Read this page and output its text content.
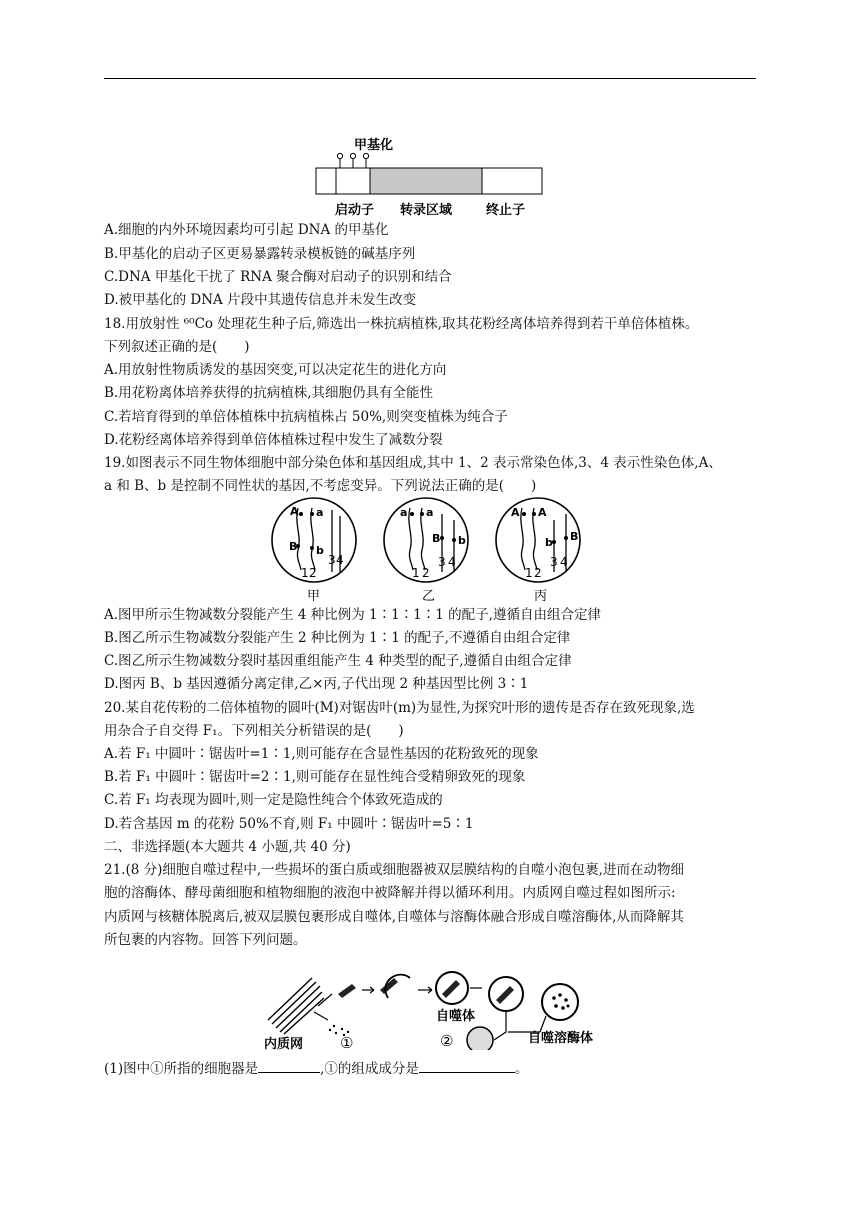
甲基化
启动子 转录区域	终止子
A.细胞的内外环境因素均可引起 DNA 的甲基化
B.甲基化的启动子区更易暴露转录模板链的碱基序列
C.DNA 甲基化干扰了 RNA 聚合酶对启动子的识别和结合
D.被甲基化的 DNA 片段中其遗传信息并未发生改变
18.用放射性 ⁶⁰Co 处理花生种子后,筛选出一株抗病植株,取其花粉经离体培养得到若干单倍体植株。
下列叙述正确的是(　　)
A.用放射性物质诱发的基因突变,可以决定花生的进化方向
B.用花粉离体培养获得的抗病植株,其细胞仍具有全能性
C.若培育得到的单倍体植株中抗病植株占 50%,则突变植株为纯合子
D.花粉经离体培养得到单倍体植株过程中发生了减数分裂
19.如图表示不同生物体细胞中部分染色体和基因组成,其中 1、2 表示常染色体,3、4 表示性染色体,A、
a 和 B、b 是控制不同性状的基因,不考虑变异。下列说法正确的是(　　)
A a
B b
1 2
3 4
甲
a a
B b
1 2
3 4
乙
A A
b B
1 2
3 4
丙
A.图甲所示生物减数分裂能产生 4 种比例为 1∶1∶1∶1 的配子,遵循自由组合定律
B.图乙所示生物减数分裂能产生 2 种比例为 1∶1 的配子,不遵循自由组合定律
C.图乙所示生物减数分裂时基因重组能产生 4 种类型的配子,遵循自由组合定律
D.图丙 B、b 基因遵循分离定律,乙×丙,子代出现 2 种基因型比例 3∶1
20.某自花传粉的二倍体植物的圆叶(M)对锯齿叶(m)为显性,为探究叶形的遗传是否存在致死现象,选
用杂合子自交得 F₁。下列相关分析错误的是(　　)
A.若 F₁ 中圆叶∶锯齿叶=1∶1,则可能存在含显性基因的花粉致死的现象
B.若 F₁ 中圆叶∶锯齿叶=2∶1,则可能存在显性纯合受精卵致死的现象
C.若 F₁ 均表现为圆叶,则一定是隐性纯合个体致死造成的
D.若含基因 m 的花粉 50%不育,则 F₁ 中圆叶∶锯齿叶=5∶1
二、非选择题(本大题共 4 小题,共 40 分)
21.(8 分)细胞自噬过程中,一些损坏的蛋白质或细胞器被双层膜结构的自噬小泡包裹,进而在动物细
胞的溶酶体、酵母菌细胞和植物细胞的液泡中被降解并得以循环利用。内质网自噬过程如图所示:
内质网与核糖体脱离后,被双层膜包裹形成自噬体,自噬体与溶酶体融合形成自噬溶酶体,从而降解其
所包裹的内容物。回答下列问题。
内质网 ①
自噬体
②	自噬溶酶体
(1)图中①所指的细胞器是	,①的组成成分是	。
